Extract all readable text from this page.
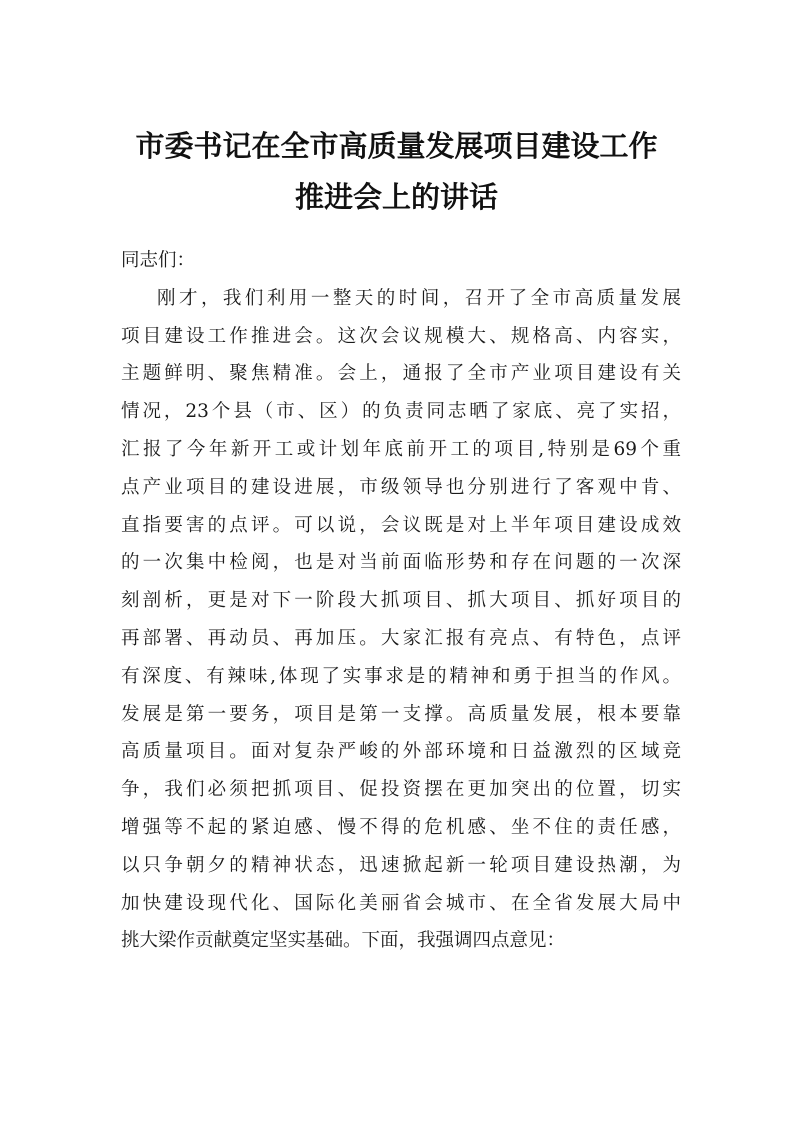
市委书记在全市高质量发展项目建设工作
推进会上的讲话
同志们：
刚才，我们利用一整天的时间，召开了全市高质量发展
项目建设工作推进会。这次会议规模大、规格高、内容实，
主题鲜明、聚焦精准。会上，通报了全市产业项目建设有关
情况，23个县（市、区）的负责同志晒了家底、亮了实招，
汇报了今年新开工或计划年底前开工的项目,特别是69个重
点产业项目的建设进展，市级领导也分别进行了客观中肯、
直指要害的点评。可以说，会议既是对上半年项目建设成效
的一次集中检阅，也是对当前面临形势和存在问题的一次深
刻剖析，更是对下一阶段大抓项目、抓大项目、抓好项目的
再部署、再动员、再加压。大家汇报有亮点、有特色，点评
有深度、有辣味,体现了实事求是的精神和勇于担当的作风。
发展是第一要务，项目是第一支撑。高质量发展，根本要靠
高质量项目。面对复杂严峻的外部环境和日益激烈的区域竞
争，我们必须把抓项目、促投资摆在更加突出的位置，切实
增强等不起的紧迫感、慢不得的危机感、坐不住的责任感，
以只争朝夕的精神状态，迅速掀起新一轮项目建设热潮，为
加快建设现代化、国际化美丽省会城市、在全省发展大局中
挑大梁作贡献奠定坚实基础。下面，我强调四点意见：
